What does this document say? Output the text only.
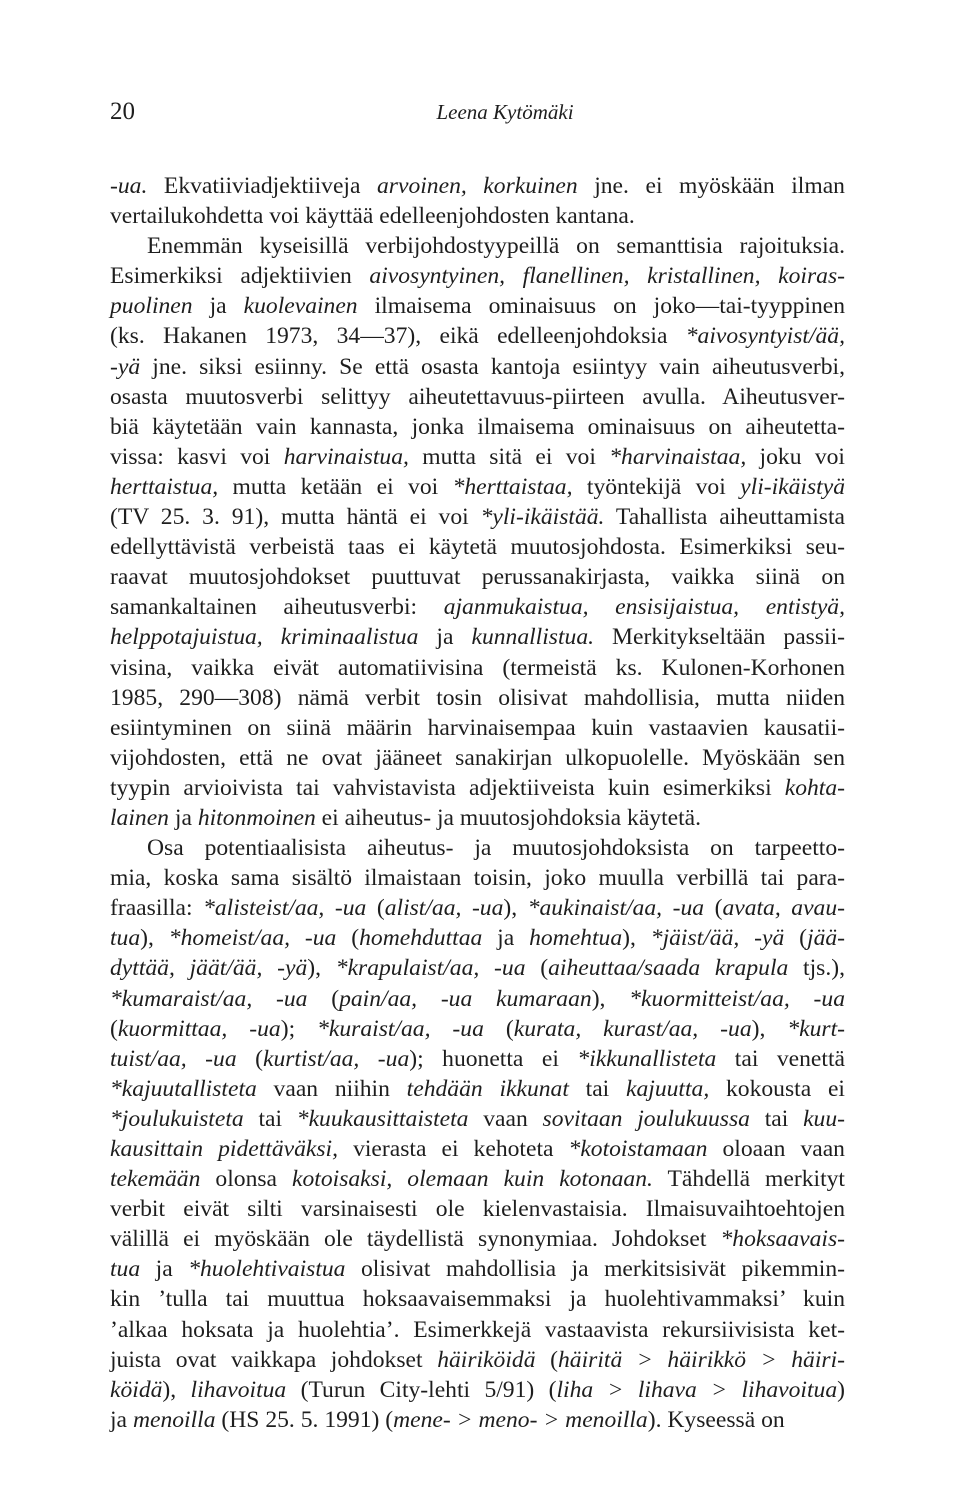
20	Leena Kytömäki
-ua. Ekvatiiviadjektiiveja arvoinen, korkuinen jne. ei myöskään ilman
vertailukohdetta voi käyttää edelleenjohdosten kantana.
Enemmän kyseisillä verbijohdostyypeillä on semanttisia rajoituksia.
Esimerkiksi adjektiivien aivosyntyinen, flanellinen, kristallinen, koiras-
puolinen ja kuolevainen ilmaisema ominaisuus on joko—tai-tyyppinen
(ks. Hakanen 1973, 34—37), eikä edelleenjohdoksia *aivosyntyist/ää,
-yä jne. siksi esiinny. Se että osasta kantoja esiintyy vain aiheutusverbi,
osasta muutosverbi selittyy aiheutettavuus-piirteen avulla. Aiheutusver-
biä käytetään vain kannasta, jonka ilmaisema ominaisuus on aiheutetta-
vissa: kasvi voi harvinaistua, mutta sitä ei voi *harvinaistaa, joku voi
herttaistua, mutta ketään ei voi *herttaistaa, työntekijä voi yli-ikäistyä
(TV 25. 3. 91), mutta häntä ei voi *yli-ikäistää. Tahallista aiheuttamista
edellyttävistä verbeistä taas ei käytetä muutosjohdosta. Esimerkiksi seu-
raavat muutosjohdokset puuttuvat perussanakirjasta, vaikka siinä on
samankaltainen aiheutusverbi: ajanmukaistua, ensisijaistua, entistyä,
helppotajuistua, kriminaalistua ja kunnallistua. Merkitykseltään passii-
visina, vaikka eivät automatiivisina (termeistä ks. Kulonen-Korhonen
1985, 290—308) nämä verbit tosin olisivat mahdollisia, mutta niiden
esiintyminen on siinä määrin harvinaisempaa kuin vastaavien kausatii-
vijohdosten, että ne ovat jääneet sanakirjan ulkopuolelle. Myöskään sen
tyypin arvioivista tai vahvistavista adjektiiveista kuin esimerkiksi kohta-
lainen ja hitonmoinen ei aiheutus- ja muutosjohdoksia käytetä.
Osa potentiaalisista aiheutus- ja muutosjohdoksista on tarpeetto-
mia, koska sama sisältö ilmaistaan toisin, joko muulla verbillä tai para-
fraasilla: *alisteist/aa, -ua (alist/aa, -ua), *aukinaist/aa, -ua (avata, avau-
tua), *homeist/aa, -ua (homehduttaa ja homehtua), *jäist/ää, -yä (jää-
dyttää, jäät/ää, -yä), *krapulaist/aa, -ua (aiheuttaa/saada krapula tjs.),
*kumaraist/aa, -ua (pain/aa, -ua kumaraan), *kuormitteist/aa, -ua
(kuormittaa, -ua); *kuraist/aa, -ua (kurata, kurast/aa, -ua), *kurt-
tuist/aa, -ua (kurtist/aa, -ua); huonetta ei *ikkunallisteta tai venettä
*kajuutallisteta vaan niihin tehdään ikkunat tai kajuutta, kokousta ei
*joulukuisteta tai *kuukausittaisteta vaan sovitaan joulukuussa tai kuu-
kausittain pidettäväksi, vierasta ei kehoteta *kotoistamaan oloaan vaan
tekemään olonsa kotoisaksi, olemaan kuin kotonaan. Tähdellä merkityt
verbit eivät silti varsinaisesti ole kielenvastaisia. Ilmaisuvaihtoehtojen
välillä ei myöskään ole täydellistä synonymiaa. Johdokset *hoksaavais-
tua ja *huolehtivaistua olisivat mahdollisia ja merkitsisivät pikemmin-
kin ’tulla tai muuttua hoksaavaisemmaksi ja huolehtivammaksi’ kuin
’alkaa hoksata ja huolehtia’. Esimerkkejä vastaavista rekursiivisista ket-
juista ovat vaikkapa johdokset häiriköidä (häiritä > häirikkö > häiri-
köidä), lihavoitua (Turun City-lehti 5/91) (liha > lihava > lihavoitua)
ja menoilla (HS 25. 5. 1991) (mene- > meno- > menoilla). Kyseessä on
